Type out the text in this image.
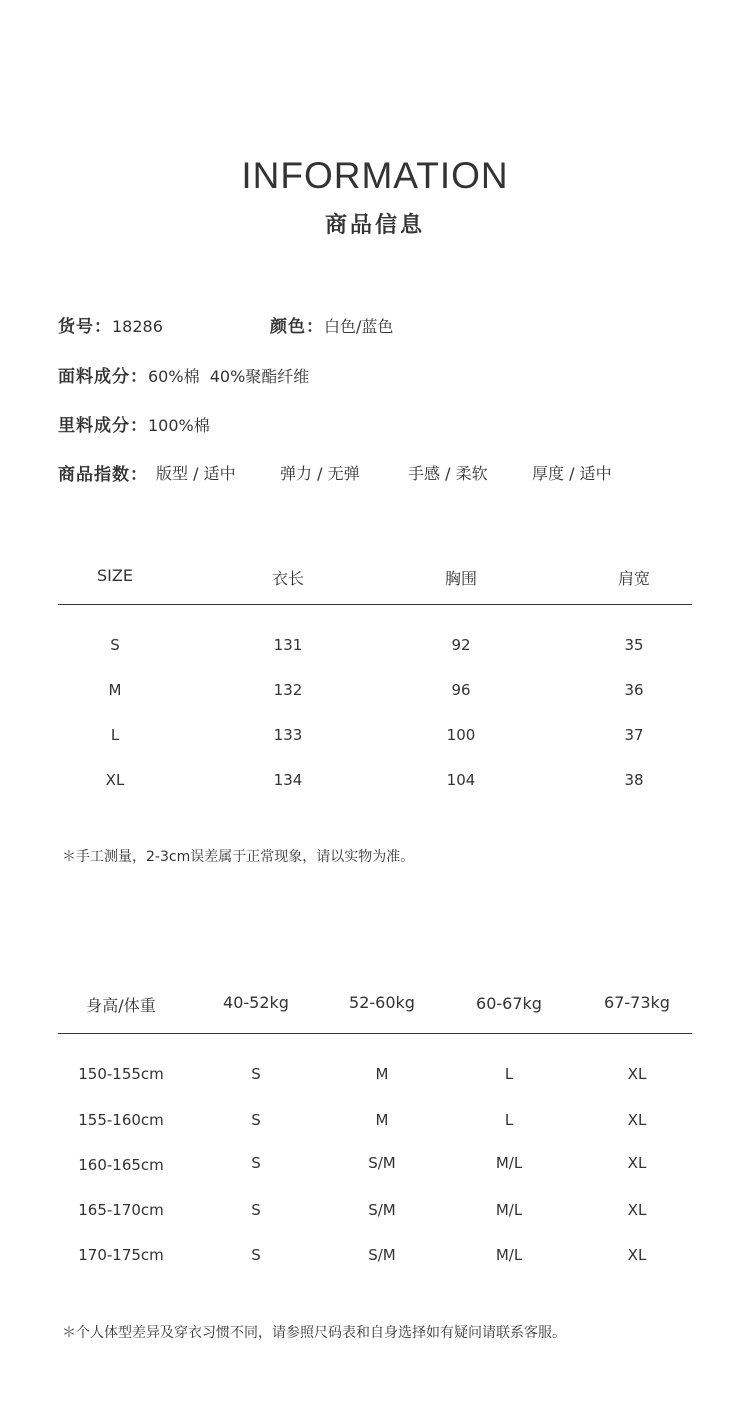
INFORMATION
商品信息
货号：18286	颜色：白色/蓝色
面料成分：60%棉  40%聚酯纤维
里料成分：100%棉
商品指数： 版型 / 适中	弹力 / 无弹	手感 / 柔软	厚度 / 适中
SIZE	衣长	胸围	肩宽
S	131	92	35
M	132	96	36
L	133	100	37
XL	134	104	38
＊手工测量，2-3cm误差属于正常现象，请以实物为准。
身高/体重	40-52kg	52-60kg	60-67kg	67-73kg
150-155cm	S	M	L	XL
155-160cm	S	M	L	XL
160-165cm	S	S/M	M/L	XL
165-170cm	S	S/M	M/L	XL
170-175cm	S	S/M	M/L	XL
＊个人体型差异及穿衣习惯不同，请参照尺码表和自身选择如有疑问请联系客服。
